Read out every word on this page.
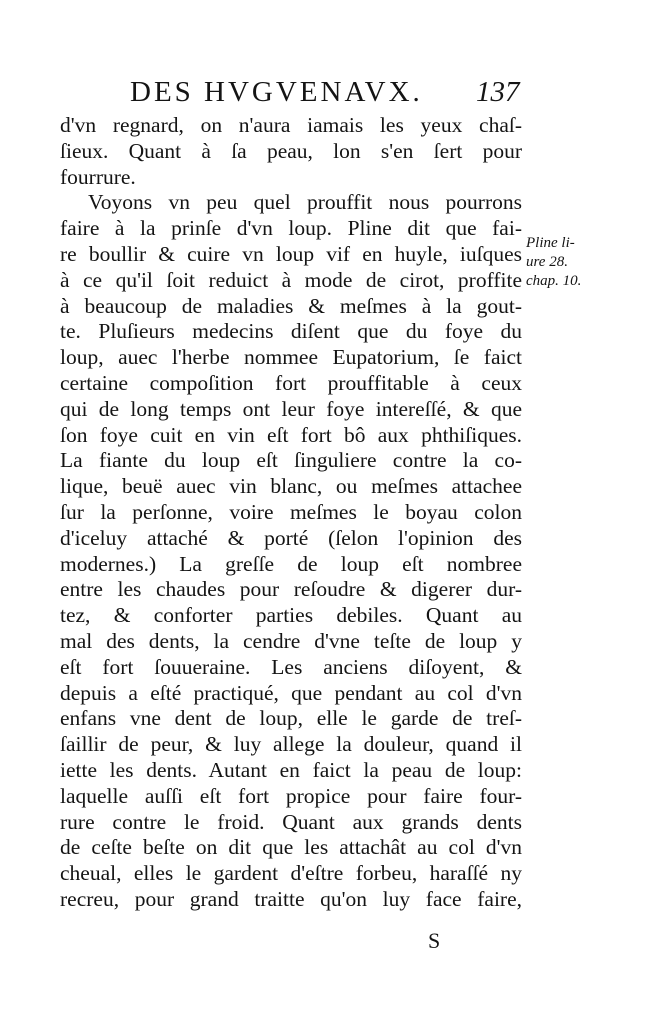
DES HVGVENAVX. 137
d'vn regnard, on n'aura iamais les yeux chaſ-
ſieux. Quant à ſa peau, lon s'en ſert pour
fourrure.
Voyons vn peu quel prouffit nous pourrons
faire à la prinſe d'vn loup. Pline dit que fai-
re boullir & cuire vn loup vif en huyle, iuſques
à ce qu'il ſoit reduict à mode de cirot, proffite
à beaucoup de maladies & meſmes à la gout-
te. Pluſieurs medecins diſent que du foye du
loup, auec l'herbe nommee Eupatorium, ſe faict
certaine compoſition fort prouffitable à ceux
qui de long temps ont leur foye intereſſé, & que
ſon foye cuit en vin eſt fort bô aux phthiſiques.
La fiante du loup eſt ſinguliere contre la co-
lique, beuë auec vin blanc, ou meſmes attachee
ſur la perſonne, voire meſmes le boyau colon
d'iceluy attaché & porté (ſelon l'opinion des
modernes.) La greſſe de loup eſt nombree
entre les chaudes pour reſoudre & digerer dur-
tez, & conforter parties debiles. Quant au
mal des dents, la cendre d'vne teſte de loup y
eſt fort ſouueraine. Les anciens diſoyent, &
depuis a eſté practiqué, que pendant au col d'vn
enfans vne dent de loup, elle le garde de treſ-
ſaillir de peur, & luy allege la douleur, quand il
iette les dents. Autant en faict la peau de loup:
laquelle auſſi eſt fort propice pour faire four-
rure contre le froid. Quant aux grands dents
de ceſte beſte on dit que les attachât au col d'vn
cheual, elles le gardent d'eſtre forbeu, haraſſé ny
recreu, pour grand traitte qu'on luy face faire,
Pline li-
ure 28.
chap. 10.
S
